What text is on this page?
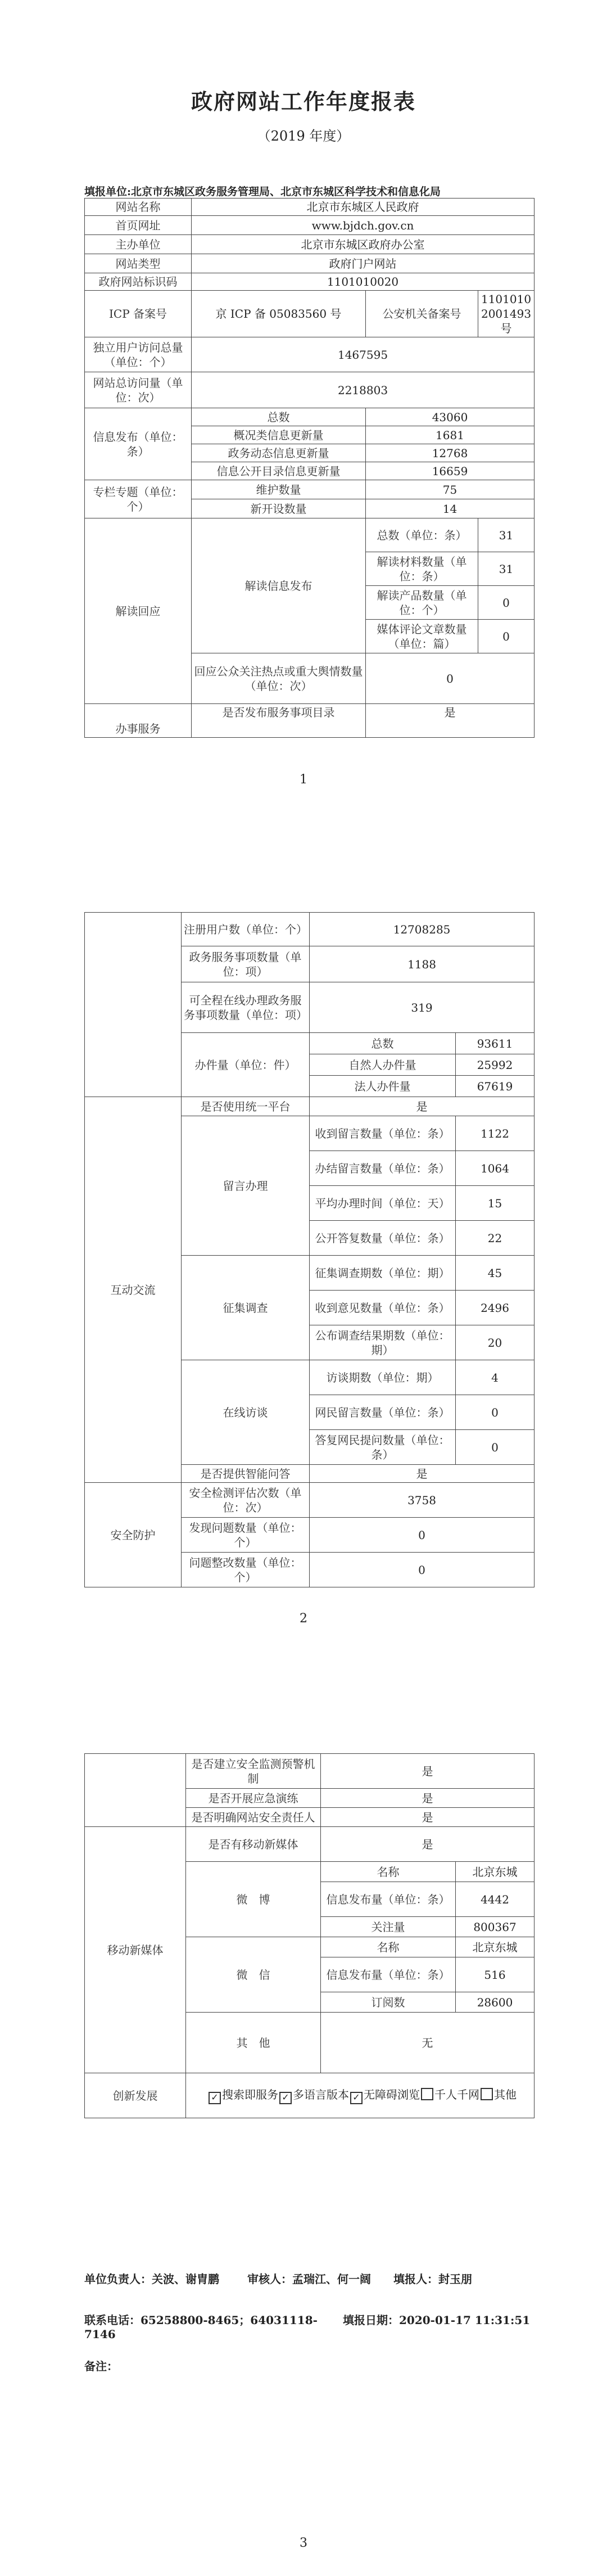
政府网站工作年度报表
（2019 年度）
填报单位:北京市东城区政务服务管理局、北京市东城区科学技术和信息化局
网站名称	北京市东城区人民政府		
首页网址	www.bjdch.gov.cn		
主办单位	北京市东城区政府办公室		
网站类型	政府门户网站		
政府网站标识码	1101010020		
ICP 备案号	京 ICP 备 05083560 号	公安机关备案号	11010102001493 号
独立用户访问总量（单位：个）	1467595		
网站总访问量（单位：次）	2218803		
信息发布（单位：条）	总数	43060	
	概况类信息更新量	1681	
	政务动态信息更新量	12768	
	信息公开目录信息更新量	16659	
专栏专题（单位：个）	维护数量	75	
	新开设数量	14	
解读回应	解读信息发布	总数（单位：条）	31
		解读材料数量（单位：条）	31
		解读产品数量（单位：个）	0
		媒体评论文章数量（单位：篇）	0
	回应公众关注热点或重大舆情数量（单位：次）	0	
办事服务	是否发布服务事项目录	是	
1
	注册用户数（单位：个）	12708285	
	政务服务事项数量（单位：项）	1188	
	可全程在线办理政务服务事项数量（单位：项）	319	
	办件量（单位：件）	总数	93611
		自然人办件量	25992
		法人办件量	67619
互动交流	是否使用统一平台	是	
	留言办理	收到留言数量（单位：条）	1122
		办结留言数量（单位：条）	1064
		平均办理时间（单位：天）	15
		公开答复数量（单位：条）	22
	征集调查	征集调查期数（单位：期）	45
		收到意见数量（单位：条）	2496
		公布调查结果期数（单位：期）	20
	在线访谈	访谈期数（单位：期）	4
		网民留言数量（单位：条）	0
		答复网民提问数量（单位：条）	0
	是否提供智能问答	是	
安全防护	安全检测评估次数（单位：次）	3758	
	发现问题数量（单位：个）	0	
	问题整改数量（单位：个）	0	
2
	是否建立安全监测预警机制	是	
	是否开展应急演练	是	
	是否明确网站安全责任人	是	
移动新媒体	是否有移动新媒体	是	
	微　博	名称	北京东城
		信息发布量（单位：条）	4442
		关注量	800367
	微　信	名称	北京东城
		信息发布量（单位：条）	516
		订阅数	28600
	其　他	无	
创新发展	✓ 搜索即服务 ✓ 多语言版本 ✓ 无障碍浏览 千人千网 其他		
单位负责人：关波、谢胄鹏	审核人：孟瑞江、何一阔	填报人：封玉朋
联系电话：65258800-8465；64031118-7146
填报日期：2020-01-17 11:31:51
备注：
3
